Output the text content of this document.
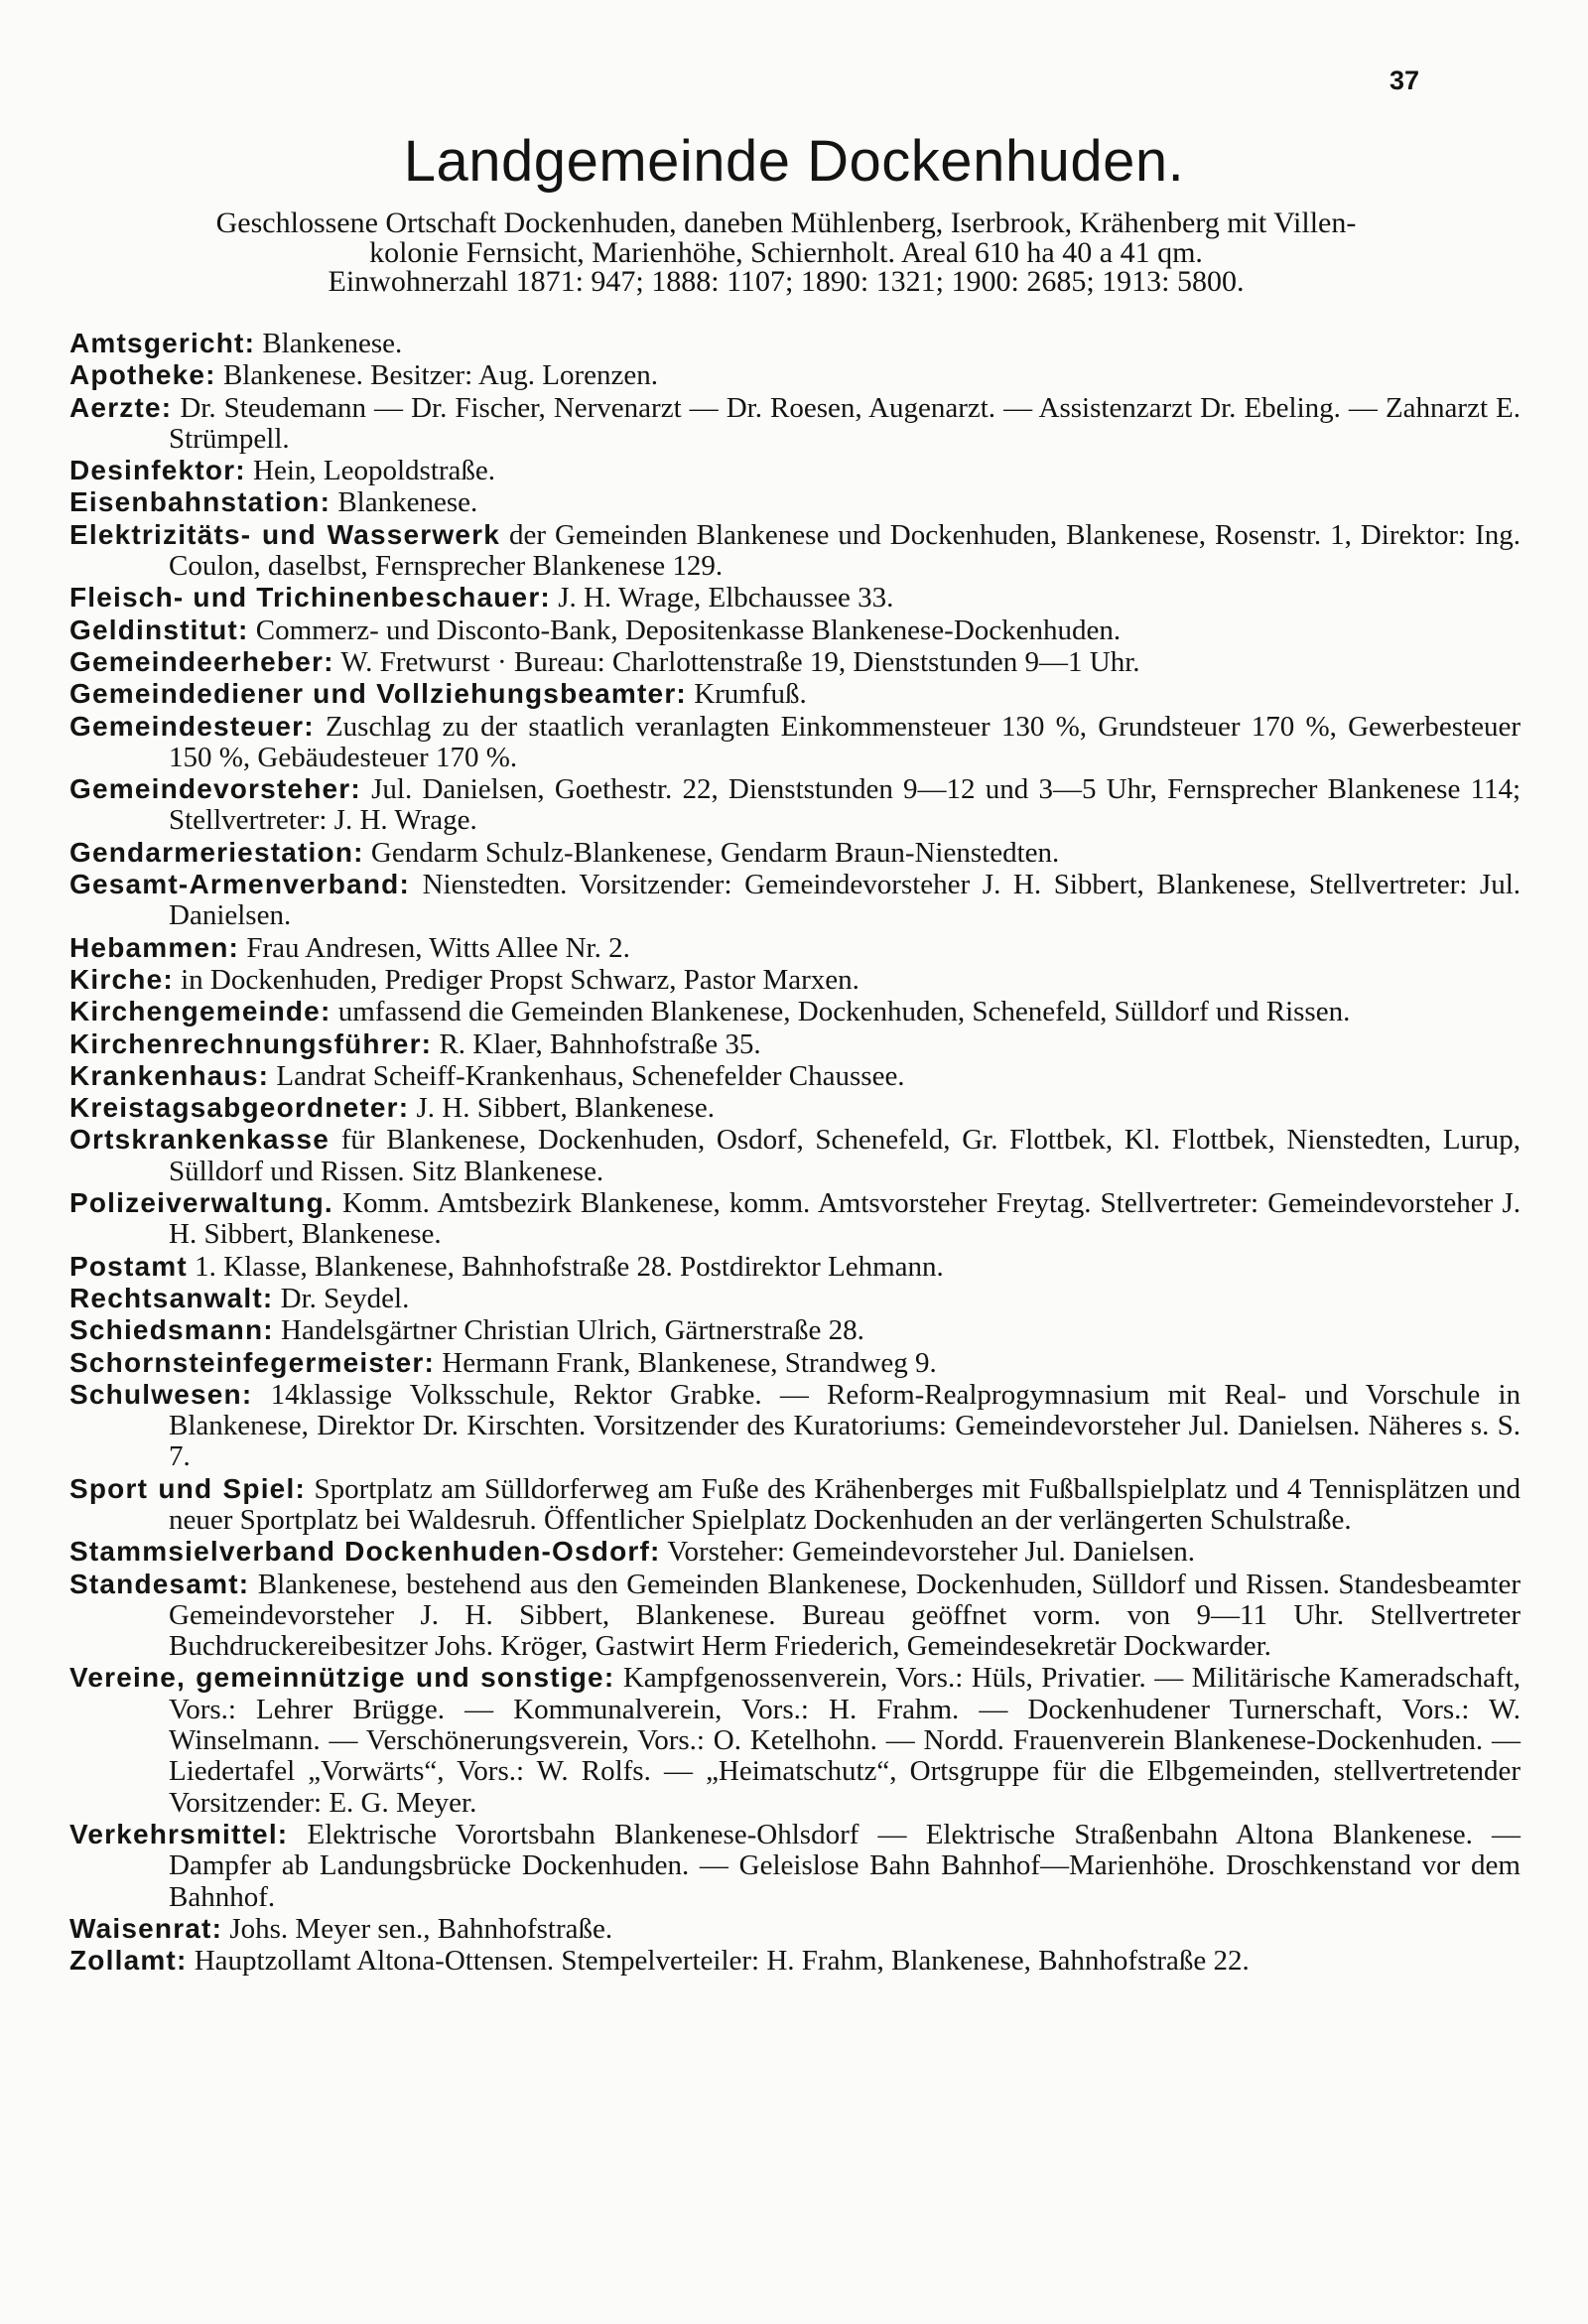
37
Landgemeinde Dockenhuden.
Geschlossene Ortschaft Dockenhuden, daneben Mühlenberg, Iserbrook, Krähenberg mit Villen-
kolonie Fernsicht, Marienhöhe, Schiernholt. Areal 610 ha 40 a 41 qm.
Einwohnerzahl 1871: 947; 1888: 1107; 1890: 1321; 1900: 2685; 1913: 5800.
Amtsgericht: Blankenese.
Apotheke: Blankenese. Besitzer: Aug. Lorenzen.
Aerzte: Dr. Steudemann — Dr. Fischer, Nervenarzt — Dr. Roesen, Augenarzt. — Assistenzarzt Dr. Ebeling. — Zahnarzt E. Strümpell.
Desinfektor: Hein, Leopoldstraße.
Eisenbahnstation: Blankenese.
Elektrizitäts- und Wasserwerk der Gemeinden Blankenese und Dockenhuden, Blankenese, Rosenstr. 1, Direktor: Ing. Coulon, daselbst, Fernsprecher Blankenese 129.
Fleisch- und Trichinenbeschauer: J. H. Wrage, Elbchaussee 33.
Geldinstitut: Commerz- und Disconto-Bank, Depositenkasse Blankenese-Dockenhuden.
Gemeindeerheber: W. Fretwurst · Bureau: Charlottenstraße 19, Dienststunden 9—1 Uhr.
Gemeindediener und Vollziehungsbeamter: Krumfuß.
Gemeindesteuer: Zuschlag zu der staatlich veranlagten Einkommensteuer 130 %, Grundsteuer 170 %, Gewerbesteuer 150 %, Gebäudesteuer 170 %.
Gemeindevorsteher: Jul. Danielsen, Goethestr. 22, Dienststunden 9—12 und 3—5 Uhr, Fernsprecher Blankenese 114; Stellvertreter: J. H. Wrage.
Gendarmeriestation: Gendarm Schulz-Blankenese, Gendarm Braun-Nienstedten.
Gesamt-Armenverband: Nienstedten. Vorsitzender: Gemeindevorsteher J. H. Sibbert, Blankenese, Stellvertreter: Jul. Danielsen.
Hebammen: Frau Andresen, Witts Allee Nr. 2.
Kirche: in Dockenhuden, Prediger Propst Schwarz, Pastor Marxen.
Kirchengemeinde: umfassend die Gemeinden Blankenese, Dockenhuden, Schenefeld, Sülldorf und Rissen.
Kirchenrechnungsführer: R. Klaer, Bahnhofstraße 35.
Krankenhaus: Landrat Scheiff-Krankenhaus, Schenefelder Chaussee.
Kreistagsabgeordneter: J. H. Sibbert, Blankenese.
Ortskrankenkasse für Blankenese, Dockenhuden, Osdorf, Schenefeld, Gr. Flottbek, Kl. Flottbek, Nienstedten, Lurup, Sülldorf und Rissen. Sitz Blankenese.
Polizeiverwaltung. Komm. Amtsbezirk Blankenese, komm. Amtsvorsteher Freytag. Stellvertreter: Gemeindevorsteher J. H. Sibbert, Blankenese.
Postamt 1. Klasse, Blankenese, Bahnhofstraße 28. Postdirektor Lehmann.
Rechtsanwalt: Dr. Seydel.
Schiedsmann: Handelsgärtner Christian Ulrich, Gärtnerstraße 28.
Schornsteinfegermeister: Hermann Frank, Blankenese, Strandweg 9.
Schulwesen: 14klassige Volksschule, Rektor Grabke. — Reform-Realprogymnasium mit Real- und Vorschule in Blankenese, Direktor Dr. Kirschten. Vorsitzender des Kuratoriums: Gemeindevorsteher Jul. Danielsen. Näheres s. S. 7.
Sport und Spiel: Sportplatz am Sülldorferweg am Fuße des Krähenberges mit Fußballspielplatz und 4 Tennisplätzen und neuer Sportplatz bei Waldesruh. Öffentlicher Spielplatz Dockenhuden an der verlängerten Schulstraße.
Stammsielverband Dockenhuden-Osdorf: Vorsteher: Gemeindevorsteher Jul. Danielsen.
Standesamt: Blankenese, bestehend aus den Gemeinden Blankenese, Dockenhuden, Sülldorf und Rissen. Standesbeamter Gemeindevorsteher J. H. Sibbert, Blankenese. Bureau geöffnet vorm. von 9—11 Uhr. Stellvertreter Buchdruckereibesitzer Johs. Kröger, Gastwirt Herm Friederich, Gemeindesekretär Dockwarder.
Vereine, gemeinnützige und sonstige: Kampfgenossenverein, Vors.: Hüls, Privatier. — Militärische Kameradschaft, Vors.: Lehrer Brügge. — Kommunalverein, Vors.: H. Frahm. — Dockenhudener Turnerschaft, Vors.: W. Winselmann. — Verschönerungsverein, Vors.: O. Ketelhohn. — Nordd. Frauenverein Blankenese-Dockenhuden. — Liedertafel „Vorwärts“, Vors.: W. Rolfs. — „Heimatschutz“, Ortsgruppe für die Elbgemeinden, stellvertretender Vorsitzender: E. G. Meyer.
Verkehrsmittel: Elektrische Vorortsbahn Blankenese-Ohlsdorf — Elektrische Straßenbahn Altona Blankenese. — Dampfer ab Landungsbrücke Dockenhuden. — Geleislose Bahn Bahnhof—Marienhöhe. Droschkenstand vor dem Bahnhof.
Waisenrat: Johs. Meyer sen., Bahnhofstraße.
Zollamt: Hauptzollamt Altona-Ottensen. Stempelverteiler: H. Frahm, Blankenese, Bahnhofstraße 22.
